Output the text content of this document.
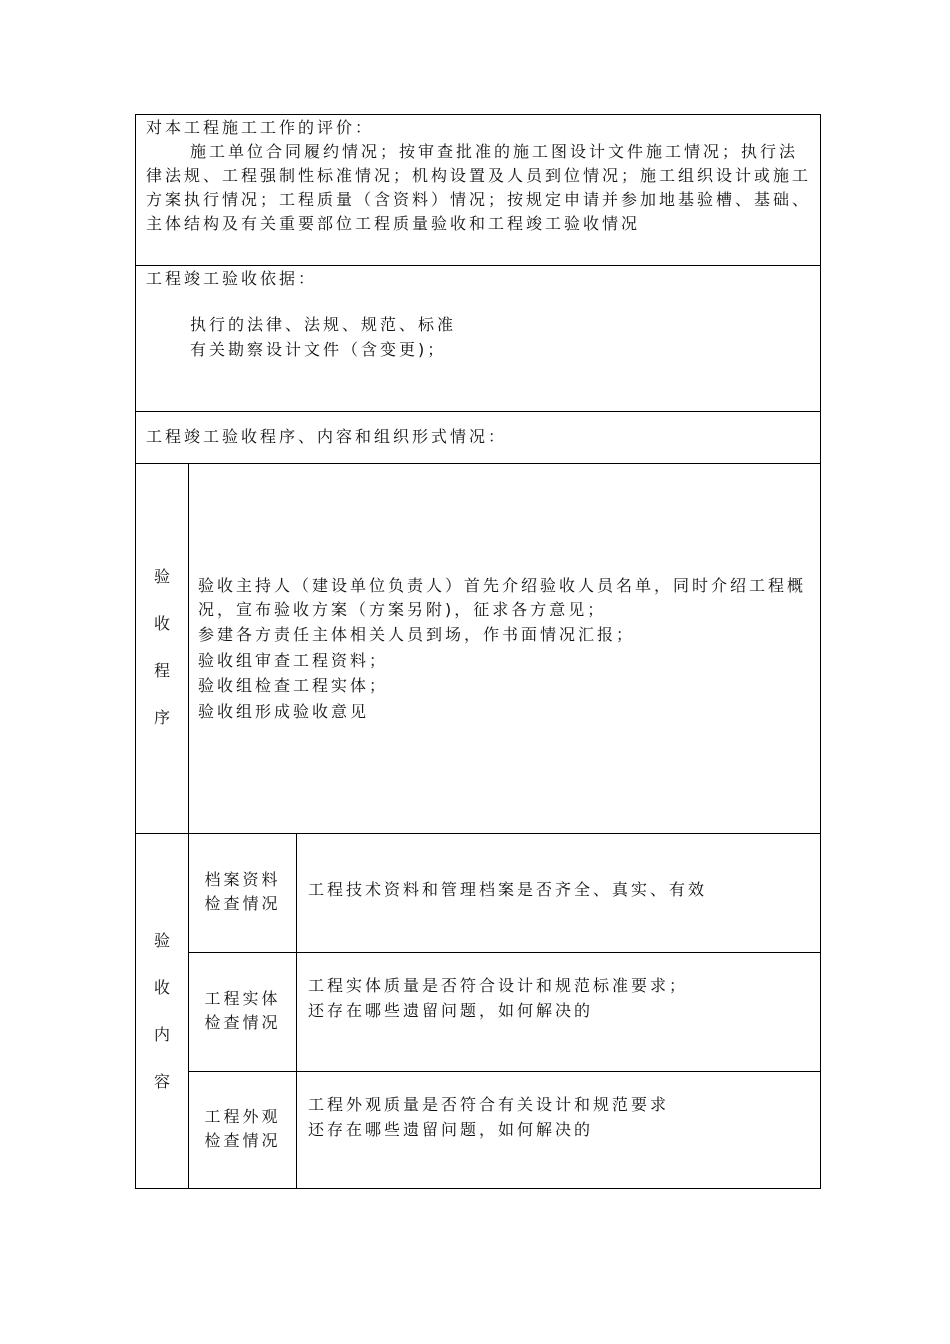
对本工程施工工作的评价：
施工单位合同履约情况；按审查批准的施工图设计文件施工情况；执行法律法规、工程强制性标准情况；机构设置及人员到位情况；施工组织设计或施工方案执行情况；工程质量（含资料）情况；按规定申请并参加地基验槽、基础、主体结构及有关重要部位工程质量验收和工程竣工验收情况
工程竣工验收依据：
执行的法律、法规、规范、标准
有关勘察设计文件（含变更)；
工程竣工验收程序、内容和组织形式情况：
验
收
程
序
验收主持人（建设单位负责人）首先介绍验收人员名单，同时介绍工程概况，宣布验收方案（方案另附)，征求各方意见；
参建各方责任主体相关人员到场，作书面情况汇报；
验收组审查工程资料；
验收组检查工程实体；
验收组形成验收意见
验
收
内
容
档案资料
检查情况
工程技术资料和管理档案是否齐全、真实、有效
工程实体
检查情况
工程实体质量是否符合设计和规范标准要求；
还存在哪些遗留问题，如何解决的
工程外观
检查情况
工程外观质量是否符合有关设计和规范要求
还存在哪些遗留问题，如何解决的
